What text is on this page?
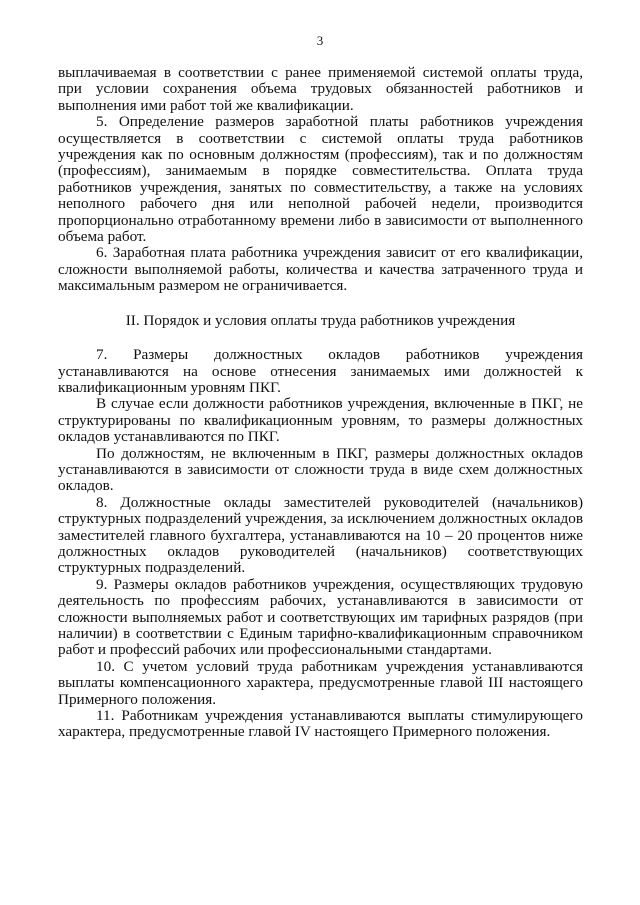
3

выплачиваемая в соответствии с ранее применяемой системой оплаты труда, при условии сохранения объема трудовых обязанностей работников и выполнения ими работ той же квалификации.

5. Определение размеров заработной платы работников учреждения осуществляется в соответствии с системой оплаты труда работников учреждения как по основным должностям (профессиям), так и по должностям (профессиям), занимаемым в порядке совместительства. Оплата труда работников учреждения, занятых по совместительству, а также на условиях неполного рабочего дня или неполной рабочей недели, производится пропорционально отработанному времени либо в зависимости от выполненного объема работ.

6. Заработная плата работника учреждения зависит от его квалификации, сложности выполняемой работы, количества и качества затраченного труда и максимальным размером не ограничивается.

II. Порядок и условия оплаты труда работников учреждения

7. Размеры должностных окладов работников учреждения устанавливаются на основе отнесения занимаемых ими должностей к квалификационным уровням ПКГ.

В случае если должности работников учреждения, включенные в ПКГ, не структурированы по квалификационным уровням, то размеры должностных окладов устанавливаются по ПКГ.

По должностям, не включенным в ПКГ, размеры должностных окладов устанавливаются в зависимости от сложности труда в виде схем должностных окладов.

8. Должностные оклады заместителей руководителей (начальников) структурных подразделений учреждения, за исключением должностных окладов заместителей главного бухгалтера, устанавливаются на 10 – 20 процентов ниже должностных окладов руководителей (начальников) соответствующих структурных подразделений.

9. Размеры окладов работников учреждения, осуществляющих трудовую деятельность по профессиям рабочих, устанавливаются в зависимости от сложности выполняемых работ и соответствующих им тарифных разрядов (при наличии) в соответствии с Единым тарифно-квалификационным справочником работ и профессий рабочих или профессиональными стандартами.

10. С учетом условий труда работникам учреждения устанавливаются выплаты компенсационного характера, предусмотренные главой III настоящего Примерного положения.

11. Работникам учреждения устанавливаются выплаты стимулирующего характера, предусмотренные главой IV настоящего Примерного положения.
